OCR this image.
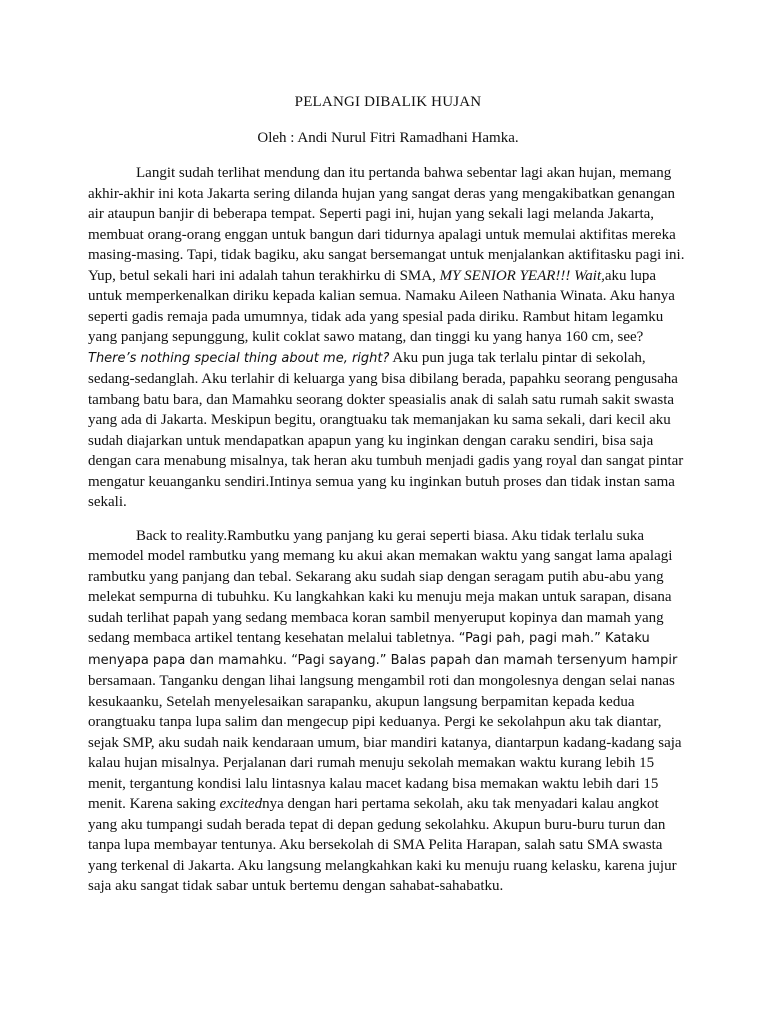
PELANGI DIBALIK HUJAN

Oleh : Andi Nurul Fitri Ramadhani Hamka.

Langit sudah terlihat mendung dan itu pertanda bahwa sebentar lagi akan hujan, memang akhir-akhir ini kota Jakarta sering dilanda hujan yang sangat deras yang mengakibatkan genangan air ataupun banjir di beberapa tempat. Seperti pagi ini, hujan yang sekali lagi melanda Jakarta, membuat orang-orang enggan untuk bangun dari tidurnya apalagi untuk memulai aktifitas mereka masing-masing. Tapi, tidak bagiku, aku sangat bersemangat untuk menjalankan aktifitasku pagi ini. Yup, betul sekali hari ini adalah tahun terakhirku di SMA, MY SENIOR YEAR!!! Wait,aku lupa untuk memperkenalkan diriku kepada kalian semua. Namaku Aileen Nathania Winata. Aku hanya seperti gadis remaja pada umumnya, tidak ada yang spesial pada diriku. Rambut hitam legamku yang panjang sepunggung, kulit coklat sawo matang, dan tinggi ku yang hanya 160 cm, see? There’s nothing special thing about me, right? Aku pun juga tak terlalu pintar di sekolah, sedang-sedanglah. Aku terlahir di keluarga yang bisa dibilang berada, papahku seorang pengusaha tambang batu bara, dan Mamahku seorang dokter speasialis anak di salah satu rumah sakit swasta yang ada di Jakarta. Meskipun begitu, orangtuaku tak memanjakan ku sama sekali, dari kecil aku sudah diajarkan untuk mendapatkan apapun yang ku inginkan dengan caraku sendiri, bisa saja dengan cara menabung misalnya, tak heran aku tumbuh menjadi gadis yang royal dan sangat pintar mengatur keuanganku sendiri.Intinya semua yang ku inginkan butuh proses dan tidak instan sama sekali.

Back to reality.Rambutku yang panjang ku gerai seperti biasa. Aku tidak terlalu suka memodel model rambutku yang memang ku akui akan memakan waktu yang sangat lama apalagi rambutku yang panjang dan tebal. Sekarang aku sudah siap dengan seragam putih abu-abu yang melekat sempurna di tubuhku. Ku langkahkan kaki ku menuju meja makan untuk sarapan, disana sudah terlihat papah yang sedang membaca koran sambil menyeruput kopinya dan mamah yang sedang membaca artikel tentang kesehatan melalui tabletnya. “Pagi pah, pagi mah.” Kataku menyapa papa dan mamahku. “Pagi sayang.” Balas papah dan mamah tersenyum hampir bersamaan. Tanganku dengan lihai langsung mengambil roti dan mongolesnya dengan selai nanas kesukaanku, Setelah menyelesaikan sarapanku, akupun langsung berpamitan kepada kedua orangtuaku tanpa lupa salim dan mengecup pipi keduanya. Pergi ke sekolahpun aku tak diantar, sejak SMP, aku sudah naik kendaraan umum, biar mandiri katanya, diantarpun kadang-kadang saja kalau hujan misalnya. Perjalanan dari rumah menuju sekolah memakan waktu kurang lebih 15 menit, tergantung kondisi lalu lintasnya kalau macet kadang bisa memakan waktu lebih dari 15 menit. Karena saking excitednya dengan hari pertama sekolah, aku tak menyadari kalau angkot yang aku tumpangi sudah berada tepat di depan gedung sekolahku. Akupun buru-buru turun dan tanpa lupa membayar tentunya. Aku bersekolah di SMA Pelita Harapan, salah satu SMA swasta yang terkenal di Jakarta. Aku langsung melangkahkan kaki ku menuju ruang kelasku, karena jujur saja aku sangat tidak sabar untuk bertemu dengan sahabat-sahabatku.
